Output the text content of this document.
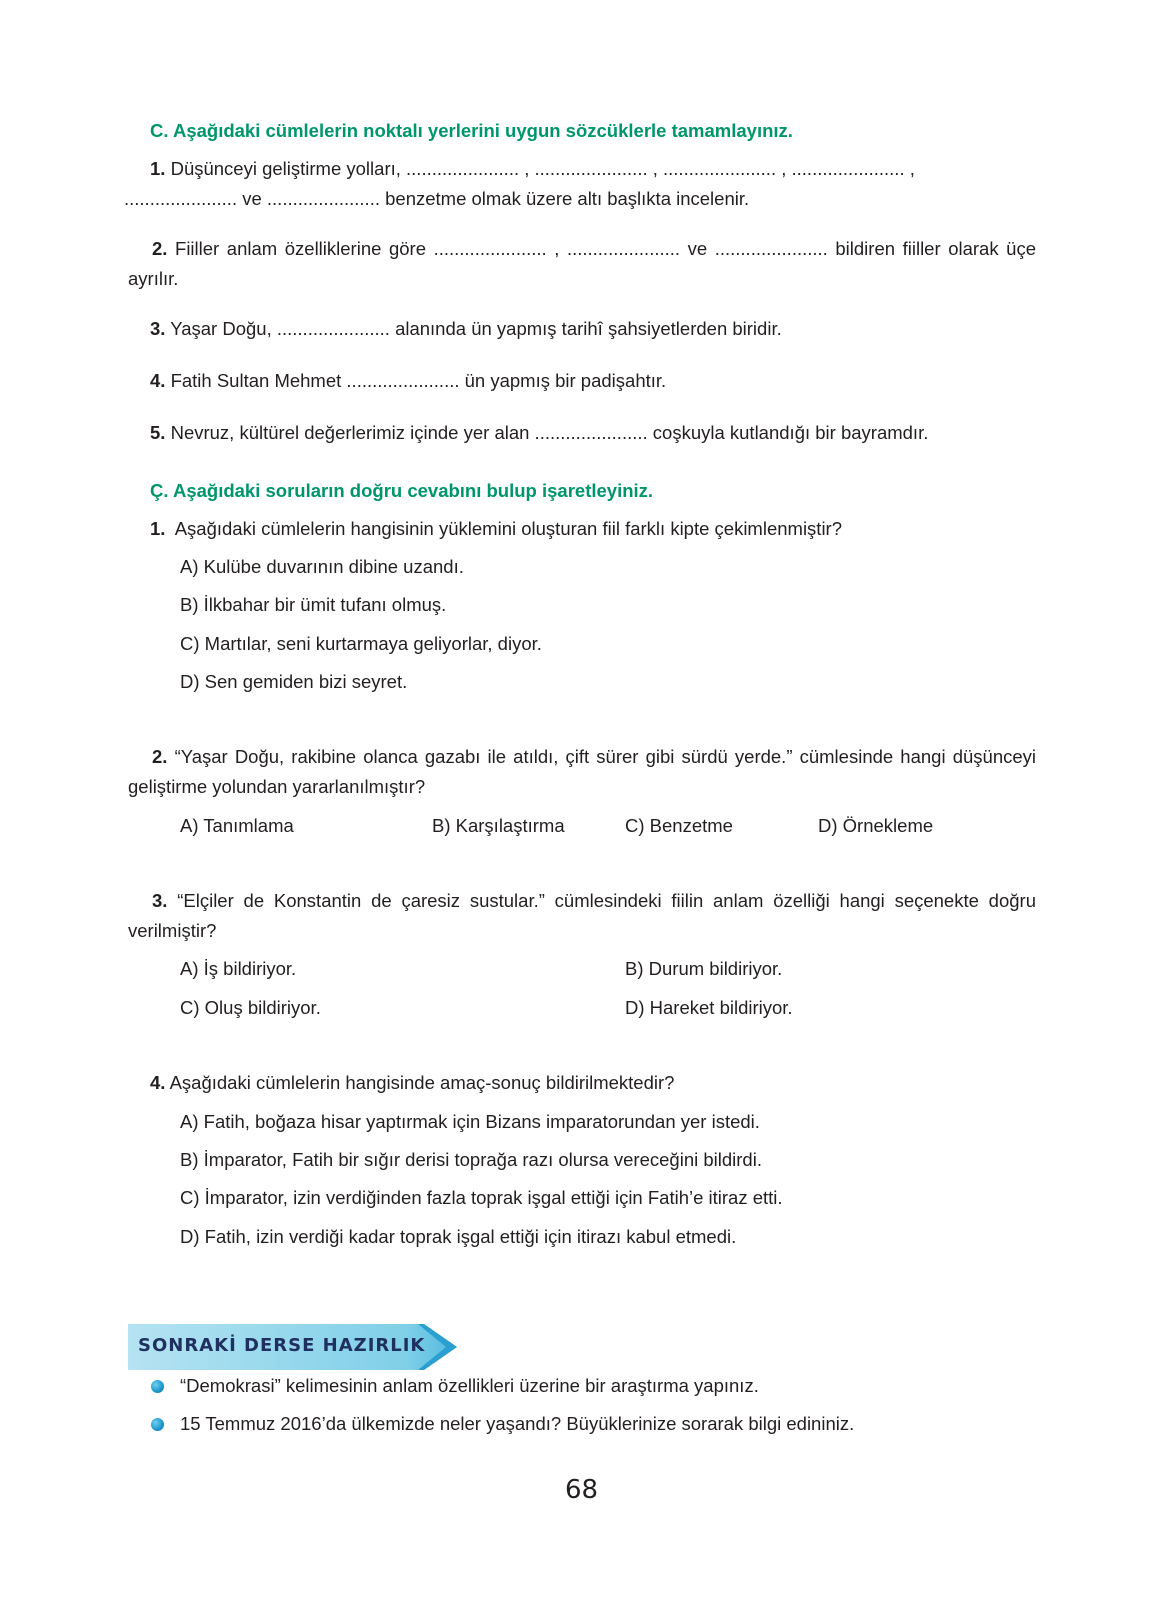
C. Aşağıdaki cümlelerin noktalı yerlerini uygun sözcüklerle tamamlayınız.
1. Düşünceyi geliştirme yolları, ...................... , ...................... , ...................... , ...................... ,
...................... ve ...................... benzetme olmak üzere altı başlıkta incelenir.
2. Fiiller anlam özelliklerine göre ...................... , ...................... ve ...................... bildiren fiiller olarak üçe ayrılır.
3. Yaşar Doğu, ...................... alanında ün yapmış tarihî şahsiyetlerden biridir.
4. Fatih Sultan Mehmet ...................... ün yapmış bir padişahtır.
5. Nevruz, kültürel değerlerimiz içinde yer alan ...................... coşkuyla kutlandığı bir bayramdır.
Ç. Aşağıdaki soruların doğru cevabını bulup işaretleyiniz.
1. Aşağıdaki cümlelerin hangisinin yüklemini oluşturan fiil farklı kipte çekimlenmiştir?
A) Kulübe duvarının dibine uzandı.
B) İlkbahar bir ümit tufanı olmuş.
C) Martılar, seni kurtarmaya geliyorlar, diyor.
D) Sen gemiden bizi seyret.
2. “Yaşar Doğu, rakibine olanca gazabı ile atıldı, çift sürer gibi sürdü yerde.” cümlesinde hangi düşünceyi geliştirme yolundan yararlanılmıştır?
A) Tanımlama	B) Karşılaştırma	C) Benzetme	D) Örnekleme
3. “Elçiler de Konstantin de çaresiz sustular.” cümlesindeki fiilin anlam özelliği hangi seçenekte doğru verilmiştir?
A) İş bildiriyor.	B) Durum bildiriyor.
C) Oluş bildiriyor.	D) Hareket bildiriyor.
4. Aşağıdaki cümlelerin hangisinde amaç-sonuç bildirilmektedir?
A) Fatih, boğaza hisar yaptırmak için Bizans imparatorundan yer istedi.
B) İmparator, Fatih bir sığır derisi toprağa razı olursa vereceğini bildirdi.
C) İmparator, izin verdiğinden fazla toprak işgal ettiği için Fatih’e itiraz etti.
D) Fatih, izin verdiği kadar toprak işgal ettiği için itirazı kabul etmedi.
SONRAKİ DERSE HAZIRLIK
“Demokrasi” kelimesinin anlam özellikleri üzerine bir araştırma yapınız.
15 Temmuz 2016’da ülkemizde neler yaşandı? Büyüklerinize sorarak bilgi edininiz.
68
